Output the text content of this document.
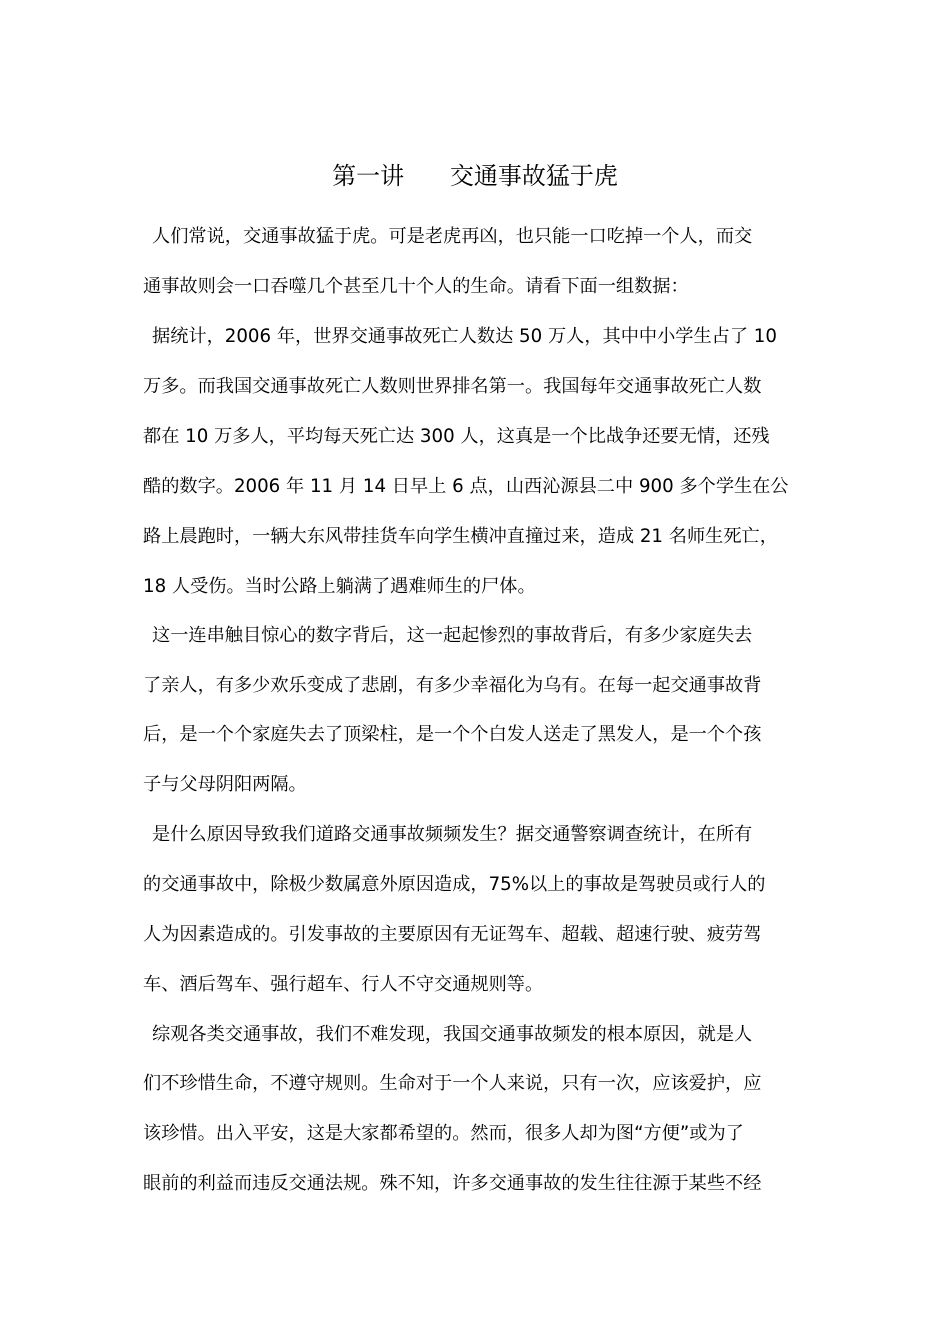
第一讲      交通事故猛于虎
人们常说，交通事故猛于虎。可是老虎再凶，也只能一口吃掉一个人，而交
通事故则会一口吞噬几个甚至几十个人的生命。请看下面一组数据：
据统计，2006 年，世界交通事故死亡人数达 50 万人，其中中小学生占了 10
万多。而我国交通事故死亡人数则世界排名第一。我国每年交通事故死亡人数
都在 10 万多人，平均每天死亡达 300 人，这真是一个比战争还要无情，还残
酷的数字。2006 年 11 月 14 日早上 6 点，山西沁源县二中 900 多个学生在公
路上晨跑时，一辆大东风带挂货车向学生横冲直撞过来，造成 21 名师生死亡，
18 人受伤。当时公路上躺满了遇难师生的尸体。
这一连串触目惊心的数字背后，这一起起惨烈的事故背后，有多少家庭失去
了亲人，有多少欢乐变成了悲剧，有多少幸福化为乌有。在每一起交通事故背
后，是一个个家庭失去了顶梁柱，是一个个白发人送走了黑发人，是一个个孩
子与父母阴阳两隔。
是什么原因导致我们道路交通事故频频发生？据交通警察调查统计，在所有
的交通事故中，除极少数属意外原因造成，75%以上的事故是驾驶员或行人的
人为因素造成的。引发事故的主要原因有无证驾车、超载、超速行驶、疲劳驾
车、酒后驾车、强行超车、行人不守交通规则等。
综观各类交通事故，我们不难发现，我国交通事故频发的根本原因，就是人
们不珍惜生命，不遵守规则。生命对于一个人来说，只有一次，应该爱护，应
该珍惜。出入平安，这是大家都希望的。然而，很多人却为图“方便”或为了
眼前的利益而违反交通法规。殊不知，许多交通事故的发生往往源于某些不经
